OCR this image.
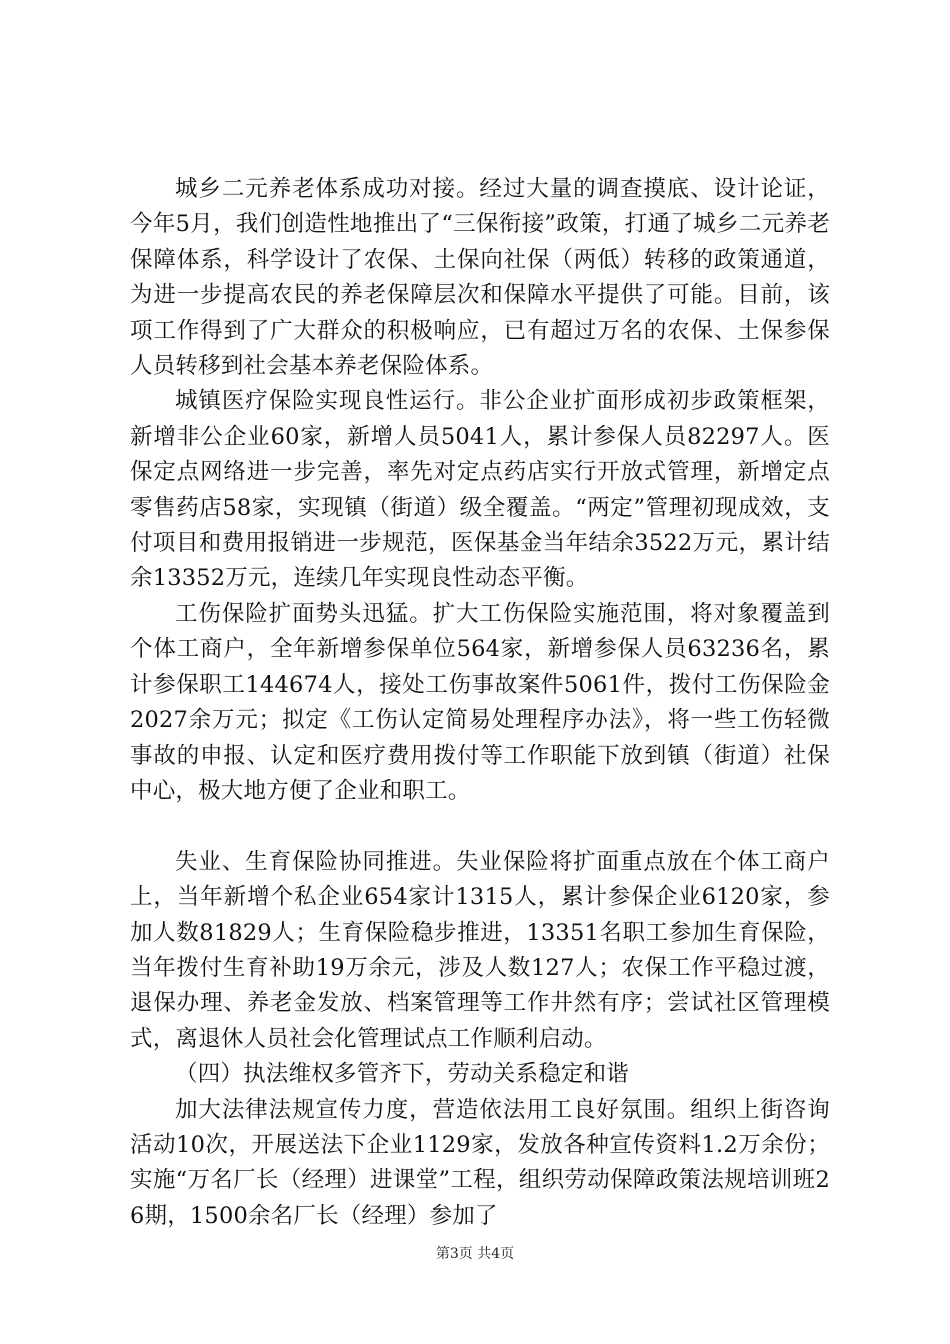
城乡二元养老体系成功对接。经过大量的调查摸底、设计论证，今年5月，我们创造性地推出了“三保衔接”政策，打通了城乡二元养老保障体系，科学设计了农保、土保向社保（两低）转移的政策通道，为进一步提高农民的养老保障层次和保障水平提供了可能。目前，该项工作得到了广大群众的积极响应，已有超过万名的农保、土保参保人员转移到社会基本养老保险体系。

城镇医疗保险实现良性运行。非公企业扩面形成初步政策框架，新增非公企业60家，新增人员5041人，累计参保人员82297人。医保定点网络进一步完善，率先对定点药店实行开放式管理，新增定点零售药店58家，实现镇（街道）级全覆盖。“两定”管理初现成效，支付项目和费用报销进一步规范，医保基金当年结余3522万元，累计结余13352万元，连续几年实现良性动态平衡。

工伤保险扩面势头迅猛。扩大工伤保险实施范围，将对象覆盖到个体工商户，全年新增参保单位564家，新增参保人员63236名，累计参保职工144674人，接处工伤事故案件5061件，拨付工伤保险金2027余万元；拟定《工伤认定简易处理程序办法》，将一些工伤轻微事故的申报、认定和医疗费用拨付等工作职能下放到镇（街道）社保中心，极大地方便了企业和职工。

失业、生育保险协同推进。失业保险将扩面重点放在个体工商户上，当年新增个私企业654家计1315人，累计参保企业6120家，参加人数81829人；生育保险稳步推进，13351名职工参加生育保险，当年拨付生育补助19万余元，涉及人数127人；农保工作平稳过渡，退保办理、养老金发放、档案管理等工作井然有序；尝试社区管理模式，离退休人员社会化管理试点工作顺利启动。

（四）执法维权多管齐下，劳动关系稳定和谐

加大法律法规宣传力度，营造依法用工良好氛围。组织上街咨询活动10次，开展送法下企业1129家，发放各种宣传资料1.2万余份；实施“万名厂长（经理）进课堂”工程，组织劳动保障政策法规培训班26期，1500余名厂长（经理）参加了

第3页 共4页
